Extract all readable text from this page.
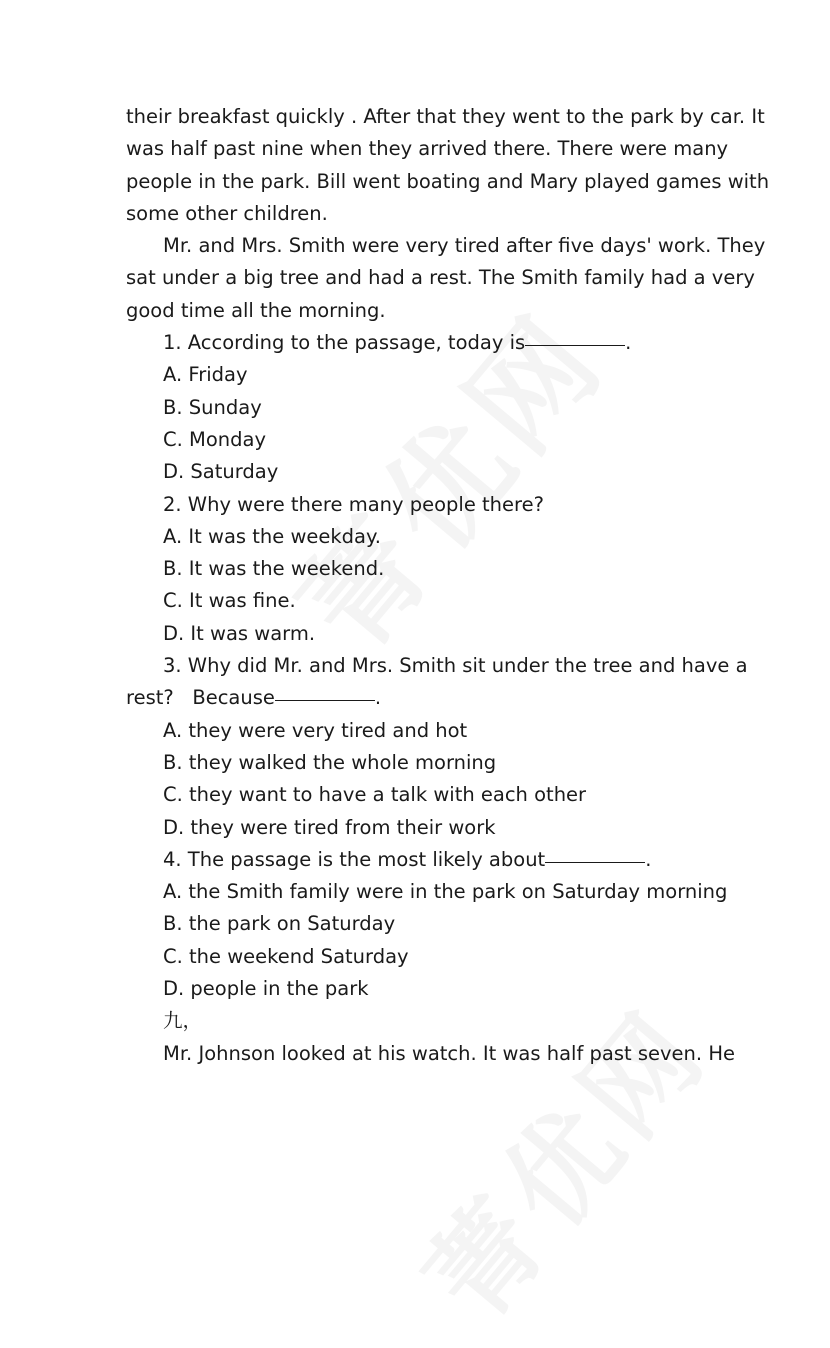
their breakfast quickly . After that they went to the park by car. It
was half past nine when they arrived there. There were many
people in the park. Bill went boating and Mary played games with
some other children.
Mr. and Mrs. Smith were very tired after five days' work. They
sat under a big tree and had a rest. The Smith family had a very
good time all the morning.
1. According to the passage, today is	.
A. Friday
B. Sunday
C. Monday
D. Saturday
2. Why were there many people there?
A. It was the weekday.
B. It was the weekend.
C. It was fine.
D. It was warm.
3. Why did Mr. and Mrs. Smith sit under the tree and have a
rest?   Because	.
A. they were very tired and hot
B. they walked the whole morning
C. they want to have a talk with each other
D. they were tired from their work
4. The passage is the most likely about	.
A. the Smith family were in the park on Saturday morning
B. the park on Saturday
C. the weekend Saturday
D. people in the park
九，
Mr. Johnson looked at his watch. It was half past seven. He
